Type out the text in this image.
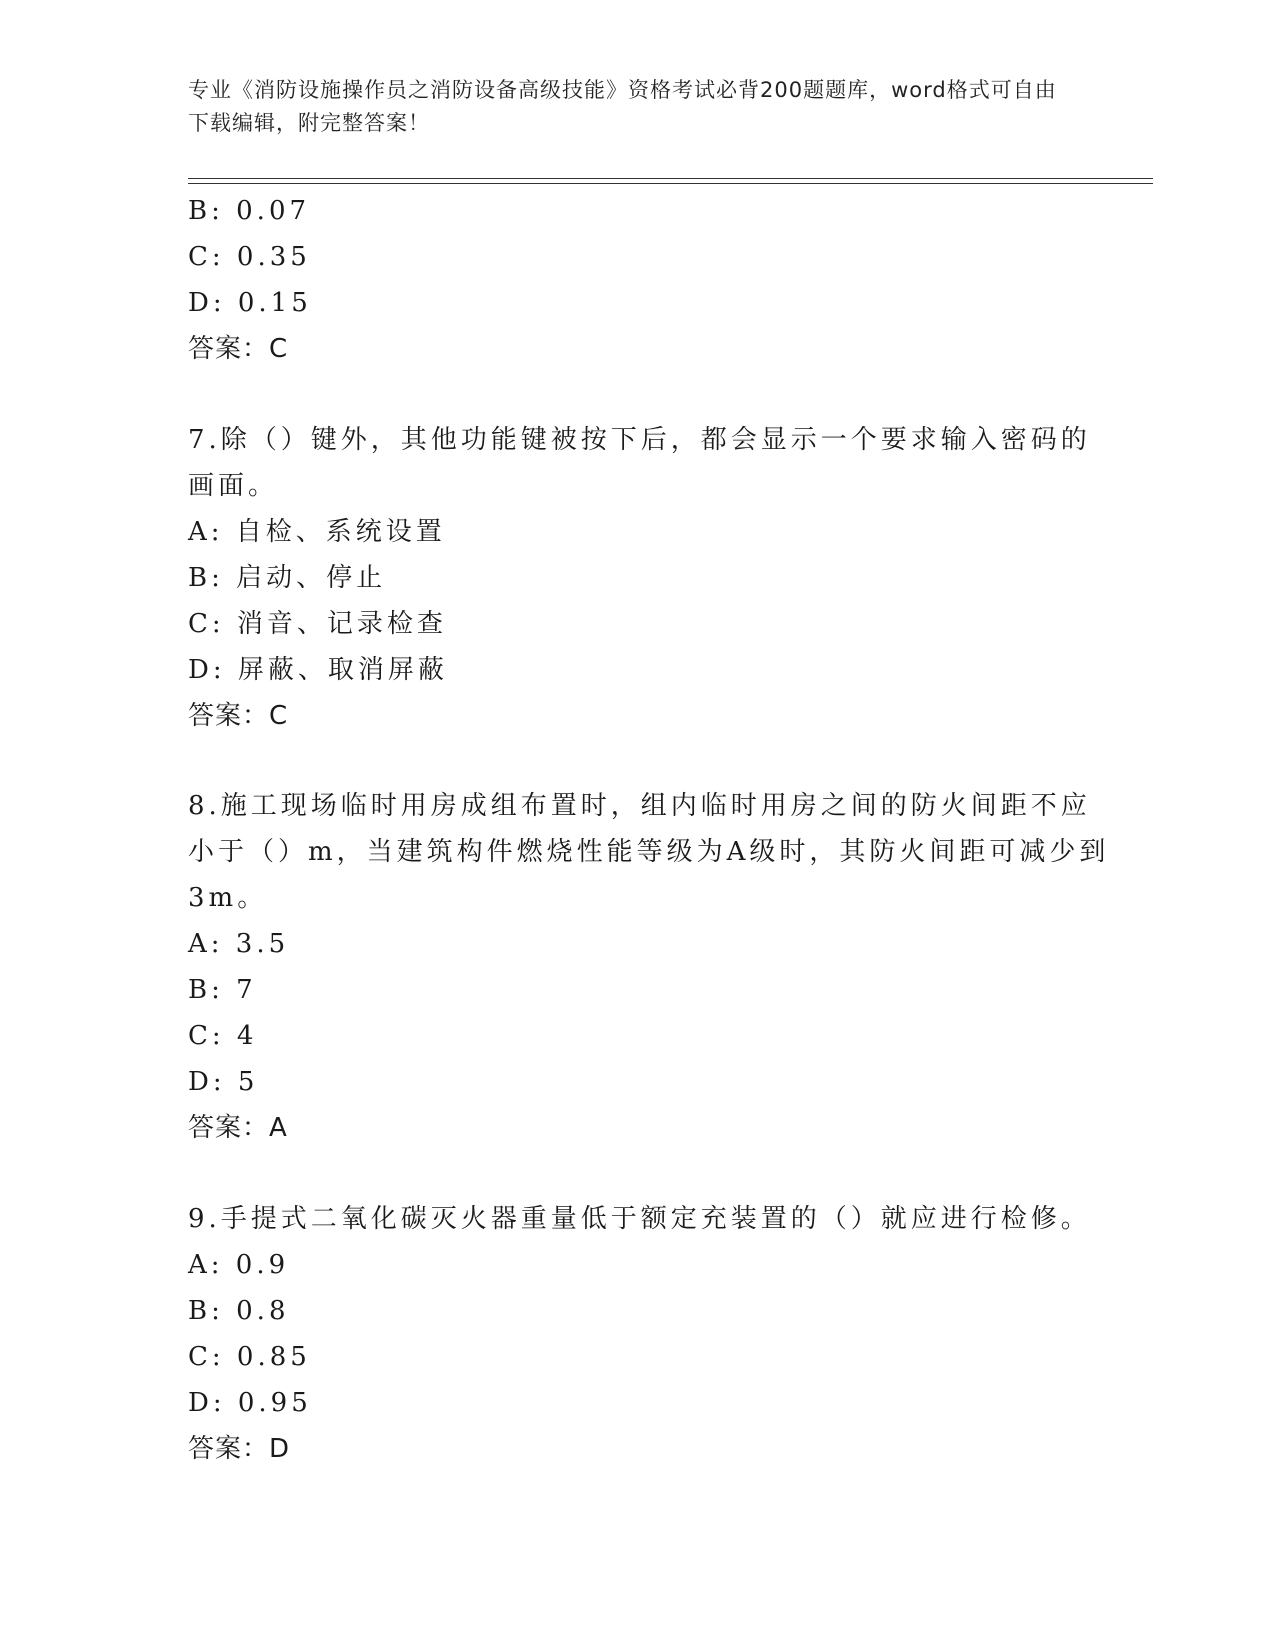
专业《消防设施操作员之消防设备高级技能》资格考试必背200题题库，word格式可自由下载编辑，附完整答案！
B: 0.07
C: 0.35
D: 0.15
答案：C
7.除（）键外，其他功能键被按下后，都会显示一个要求输入密码的
画面。
A: 自检、系统设置
B: 启动、停止
C: 消音、记录检查
D: 屏蔽、取消屏蔽
答案：C
8.施工现场临时用房成组布置时，组内临时用房之间的防火间距不应
小于（）m，当建筑构件燃烧性能等级为A级时，其防火间距可减少到
3m。
A: 3.5
B: 7
C: 4
D: 5
答案：A
9.手提式二氧化碳灭火器重量低于额定充装置的（）就应进行检修。
A: 0.9
B: 0.8
C: 0.85
D: 0.95
答案：D
